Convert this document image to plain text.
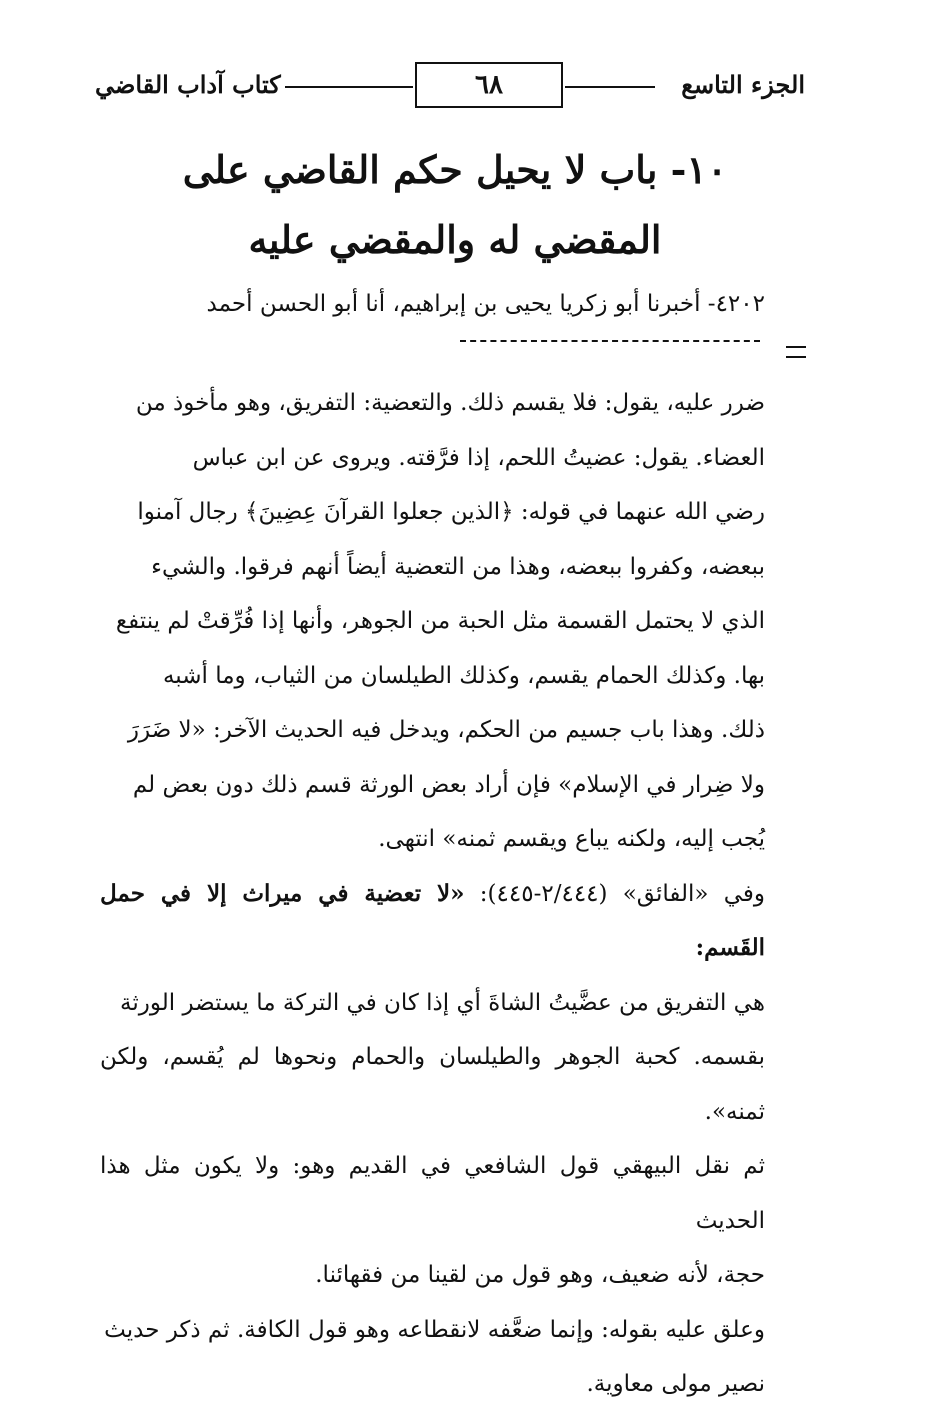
الجزء التاسع
٦٨
كتاب آداب القاضي
١٠- باب لا يحيل حكم القاضي على
المقضي له والمقضي عليه
٤٢٠٢- أخبرنا أبو زكريا يحيى بن إبراهيم، أنا أبو الحسن أحمد

ضرر عليه، يقول: فلا يقسم ذلك. والتعضية: التفريق، وهو مأخوذ من

العضاء. يقول: عضيتُ اللحم، إذا فرَّقته. ويروى عن ابن عباس

رضي الله عنهما في قوله: ﴿الذين جعلوا القرآنَ عِضِينَ﴾ رجال آمنوا

ببعضه، وكفروا ببعضه، وهذا من التعضية أيضاً أنهم فرقوا. والشيء

الذي لا يحتمل القسمة مثل الحبة من الجوهر، وأنها إذا فُرِّقتْ لم ينتفع

بها. وكذلك الحمام يقسم، وكذلك الطيلسان من الثياب، وما أشبه

ذلك. وهذا باب جسيم من الحكم، ويدخل فيه الحديث الآخر: «لا ضَرَرَ

ولا ضِرار في الإسلام» فإن أراد بعض الورثة قسم ذلك دون بعض لم

يُجب إليه، ولكنه يباع ويقسم ثمنه» انتهى.

وفي «الفائق» (٢/٤٤٤-٤٤٥): «لا تعضية في ميراث إلا في حمل القَسم:

هي التفريق من عضَّيتُ الشاةَ أي إذا كان في التركة ما يستضر الورثة

بقسمه. كحبة الجوهر والطيلسان والحمام ونحوها لم يُقسم، ولكن ثمنه».

ثم نقل البيهقي قول الشافعي في القديم وهو: ولا يكون مثل هذا الحديث

حجة، لأنه ضعيف، وهو قول من لقينا من فقهائنا.

وعلق عليه بقوله: وإنما ضعَّفه لانقطاعه وهو قول الكافة. ثم ذكر حديث

نصير مولى معاوية.
